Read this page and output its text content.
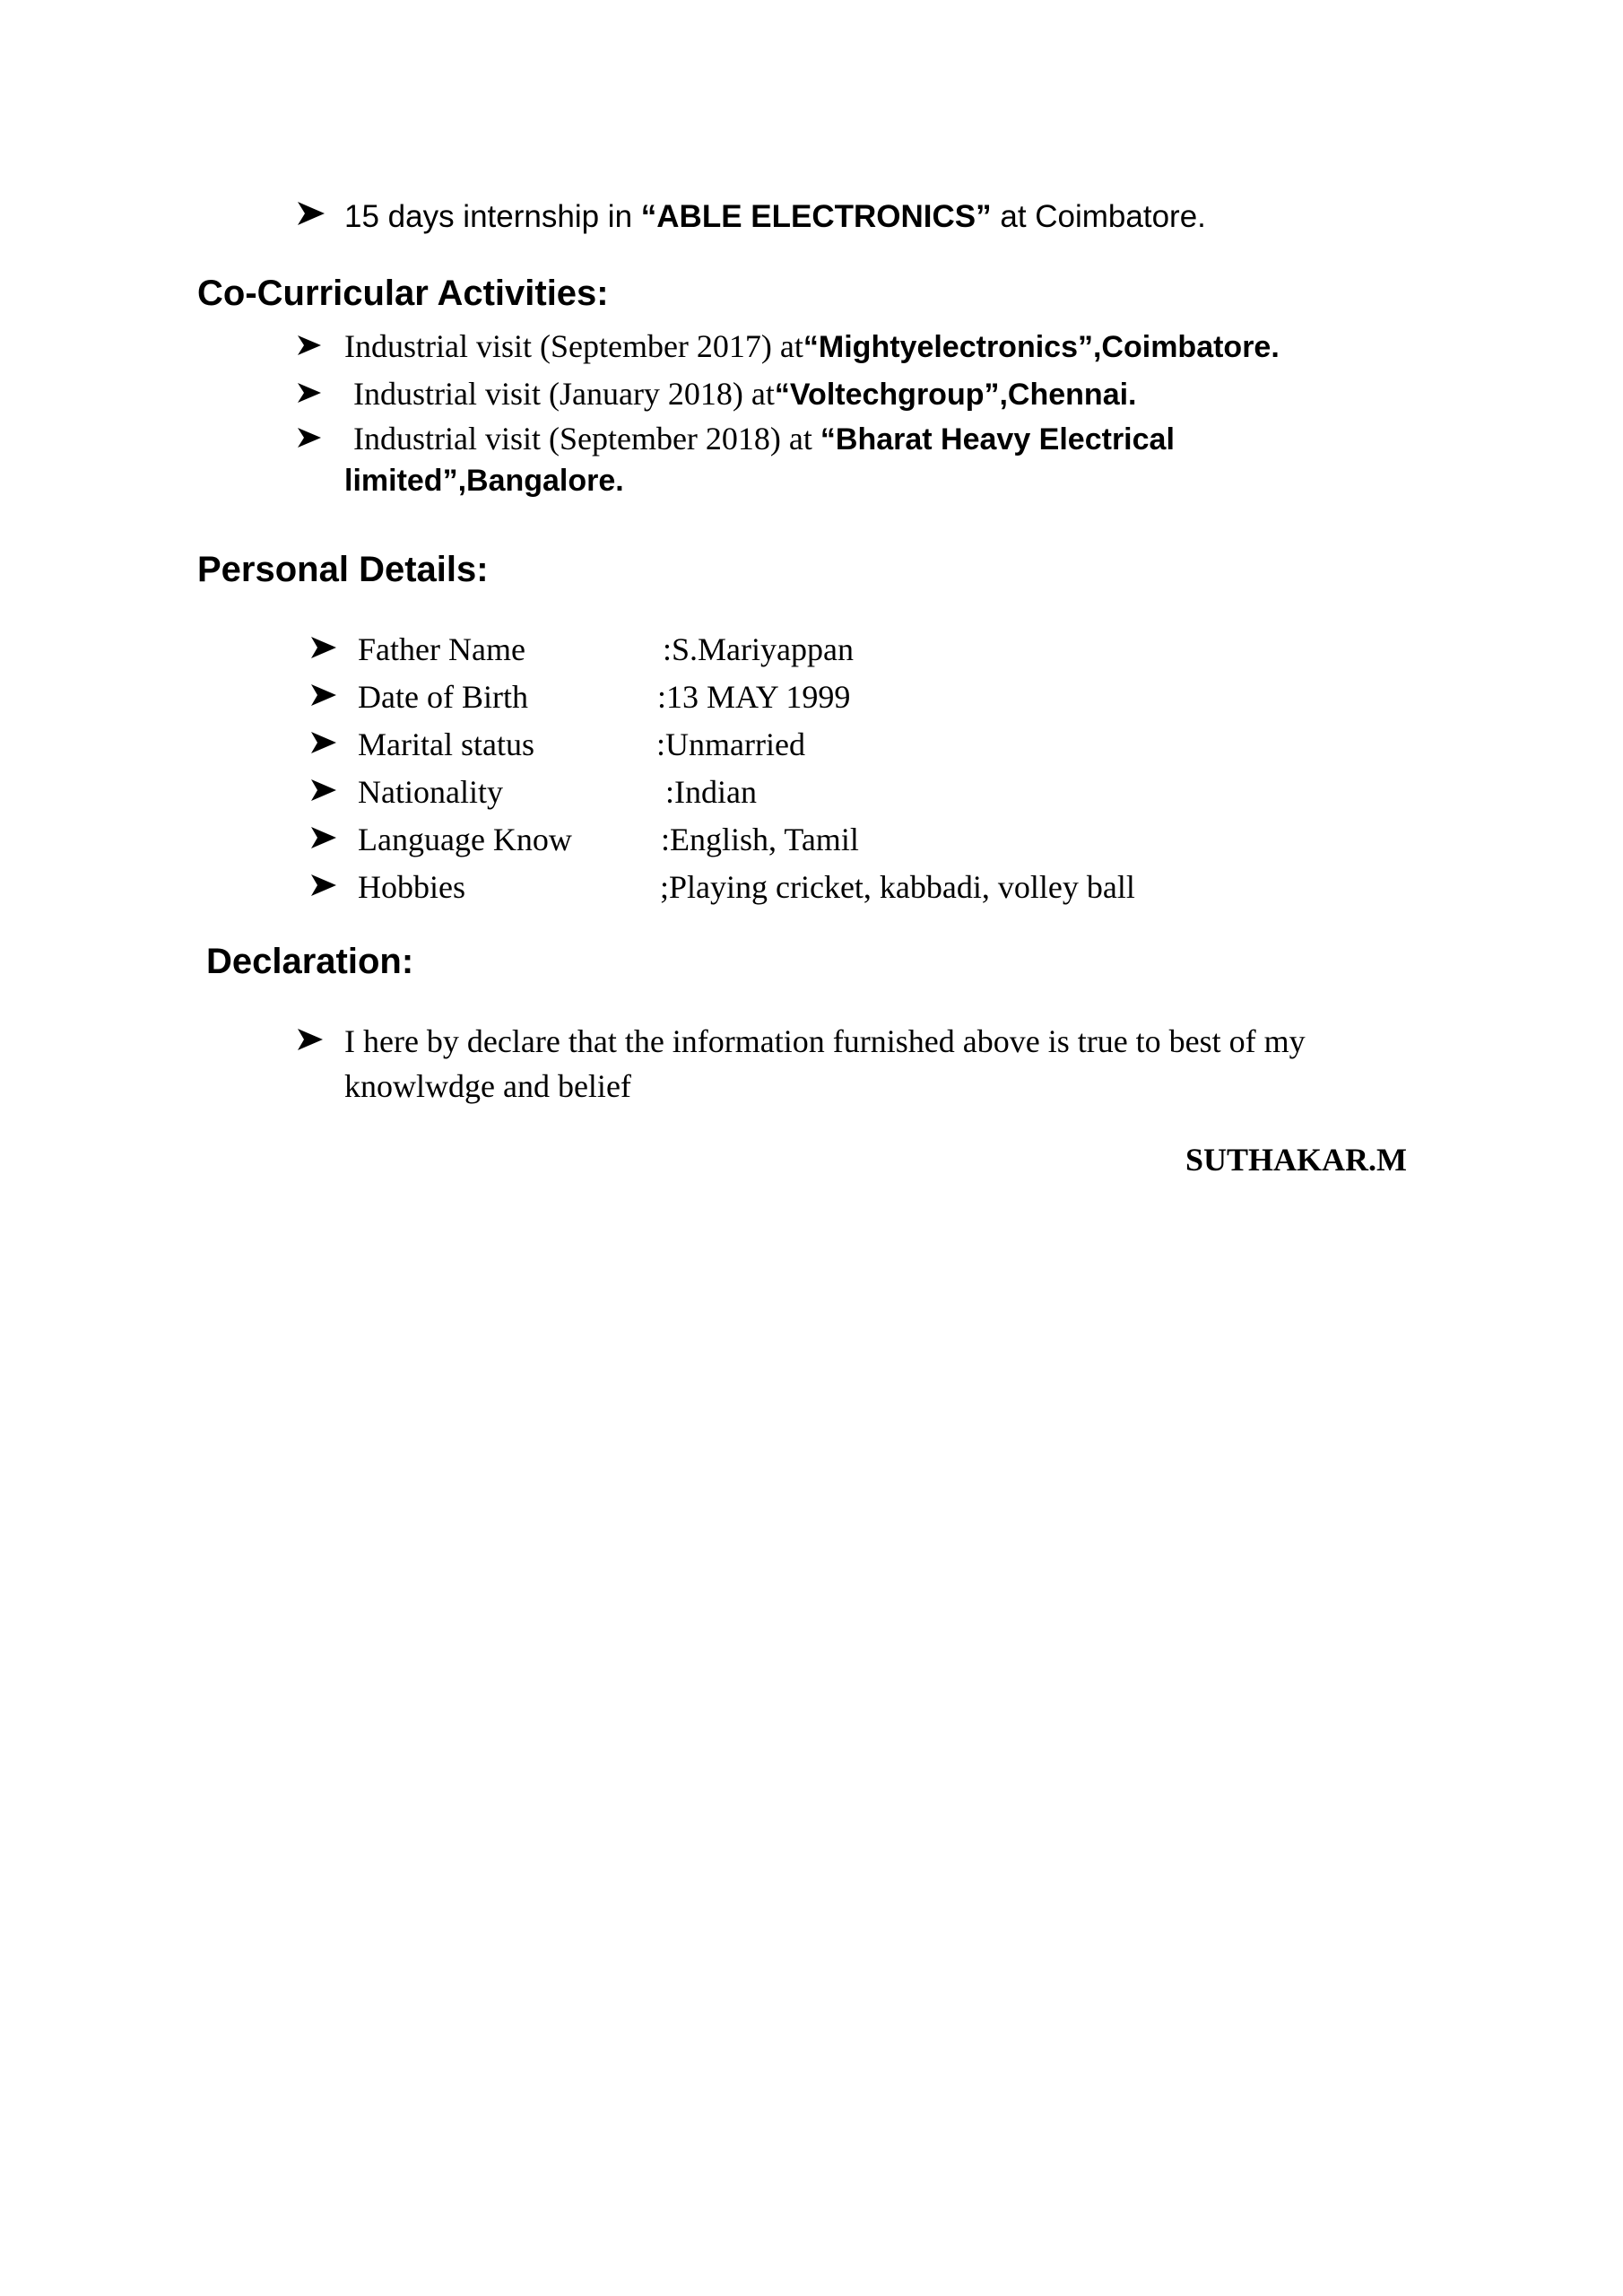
15 days internship in “ABLE ELECTRONICS” at Coimbatore.
Co-Curricular Activities:
Industrial visit (September 2017) at“Mightyelectronics”,Coimbatore.
Industrial visit (January 2018) at“Voltechgroup”,Chennai.
Industrial visit (September 2018) at “Bharat Heavy Electrical
limited”,Bangalore.
Personal Details:
Father Name	:S.Mariyappan
Date of Birth	:13 MAY 1999
Marital status	:Unmarried
Nationality	:Indian
Language Know	:English, Tamil
Hobbies	;Playing cricket, kabbadi, volley ball
Declaration:
I here by declare that the information furnished above is true to best of my
knowlwdge and belief
SUTHAKAR.M
